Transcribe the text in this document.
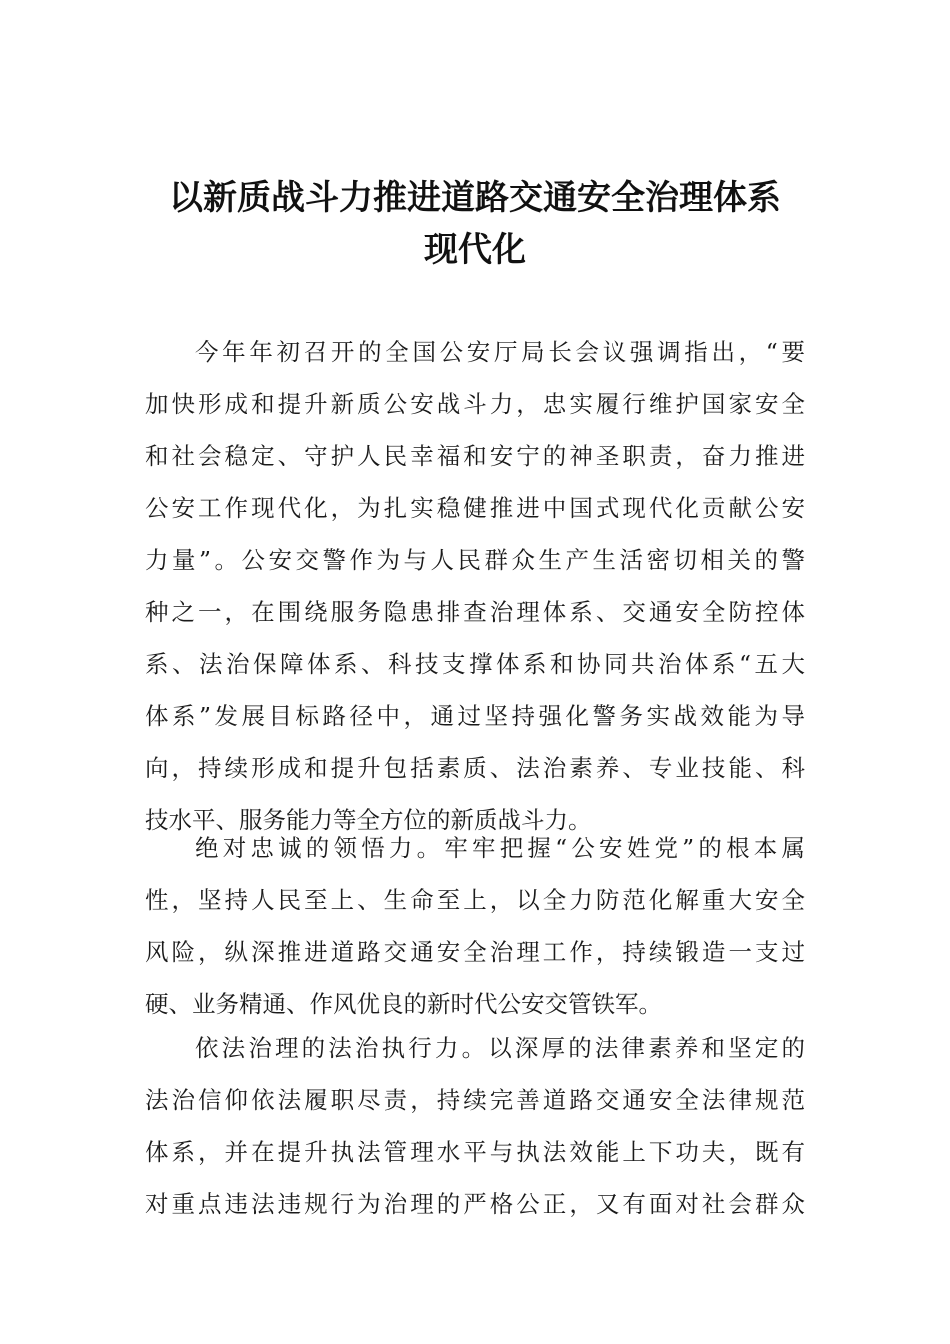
以新质战斗力推进道路交通安全治理体系
现代化
今年年初召开的全国公安厅局长会议强调指出，“要
加快形成和提升新质公安战斗力，忠实履行维护国家安全
和社会稳定、守护人民幸福和安宁的神圣职责，奋力推进
公安工作现代化，为扎实稳健推进中国式现代化贡献公安
力量”。公安交警作为与人民群众生产生活密切相关的警
种之一，在围绕服务隐患排查治理体系、交通安全防控体
系、法治保障体系、科技支撑体系和协同共治体系“五大
体系”发展目标路径中，通过坚持强化警务实战效能为导
向，持续形成和提升包括素质、法治素养、专业技能、科
技水平、服务能力等全方位的新质战斗力。
绝对忠诚的领悟力。牢牢把握“公安姓党”的根本属
性，坚持人民至上、生命至上，以全力防范化解重大安全
风险，纵深推进道路交通安全治理工作，持续锻造一支过
硬、业务精通、作风优良的新时代公安交管铁军。
依法治理的法治执行力。以深厚的法律素养和坚定的
法治信仰依法履职尽责，持续完善道路交通安全法律规范
体系，并在提升执法管理水平与执法效能上下功夫，既有
对重点违法违规行为治理的严格公正，又有面对社会群众
